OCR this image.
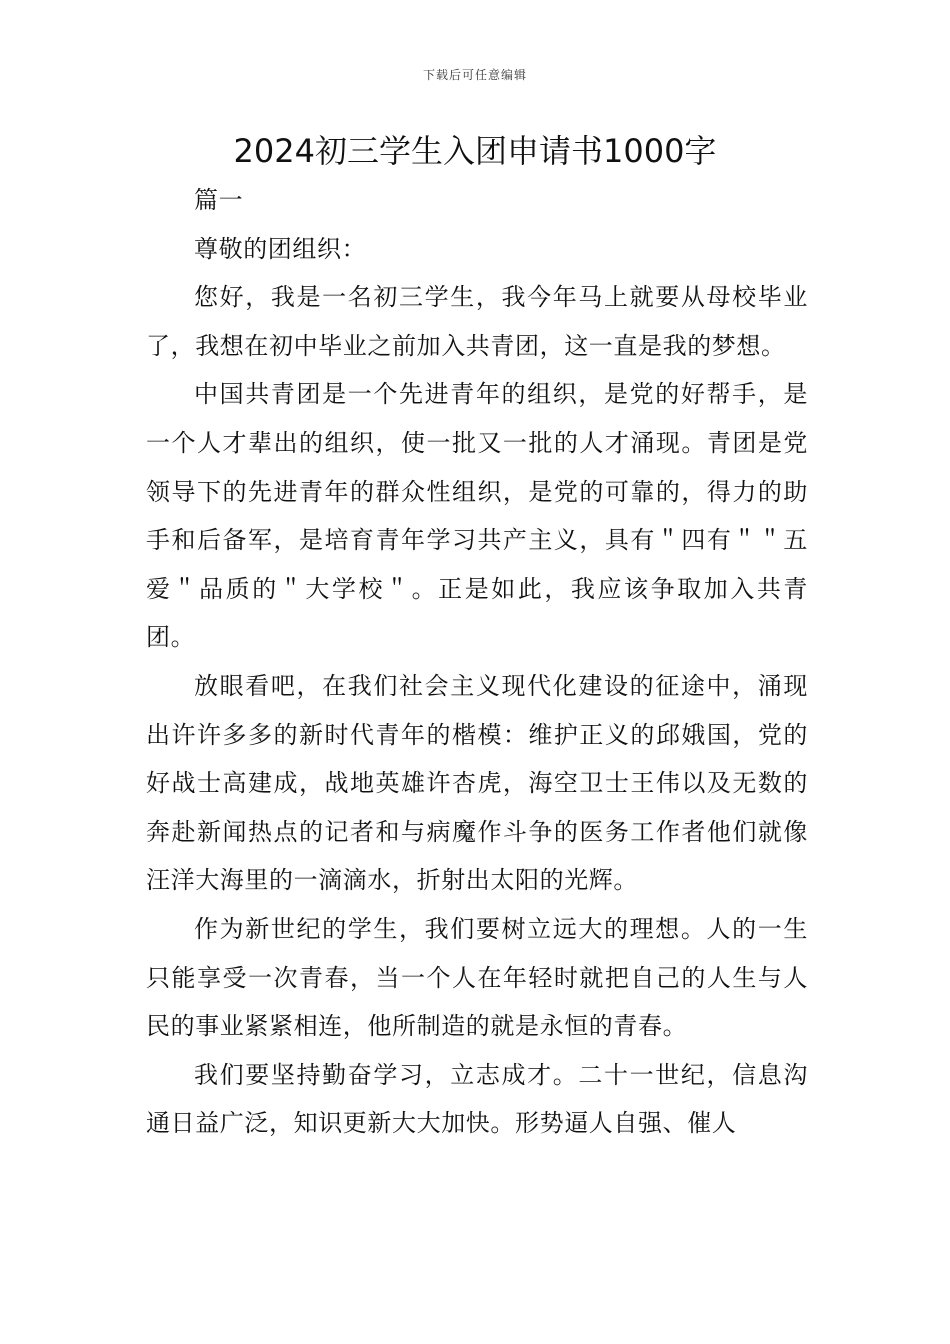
下载后可任意编辑
2024初三学生入团申请书1000字

篇一

尊敬的团组织：

您好，我是一名初三学生，我今年马上就要从母校毕业了，我想在初中毕业之前加入共青团，这一直是我的梦想。

中国共青团是一个先进青年的组织，是党的好帮手，是一个人才辈出的组织，使一批又一批的人才涌现。青团是党领导下的先进青年的群众性组织，是党的可靠的，得力的助手和后备军，是培育青年学习共产主义，具有＂四有＂＂五爱＂品质的＂大学校＂。正是如此，我应该争取加入共青团。

放眼看吧，在我们社会主义现代化建设的征途中，涌现出许许多多的新时代青年的楷模：维护正义的邱娥国，党的好战士高建成，战地英雄许杏虎，海空卫士王伟以及无数的奔赴新闻热点的记者和与病魔作斗争的医务工作者他们就像汪洋大海里的一滴滴水，折射出太阳的光辉。

作为新世纪的学生，我们要树立远大的理想。人的一生只能享受一次青春，当一个人在年轻时就把自己的人生与人民的事业紧紧相连，他所制造的就是永恒的青春。

我们要坚持勤奋学习，立志成才。二十一世纪，信息沟通日益广泛，知识更新大大加快。形势逼人自强、催人
